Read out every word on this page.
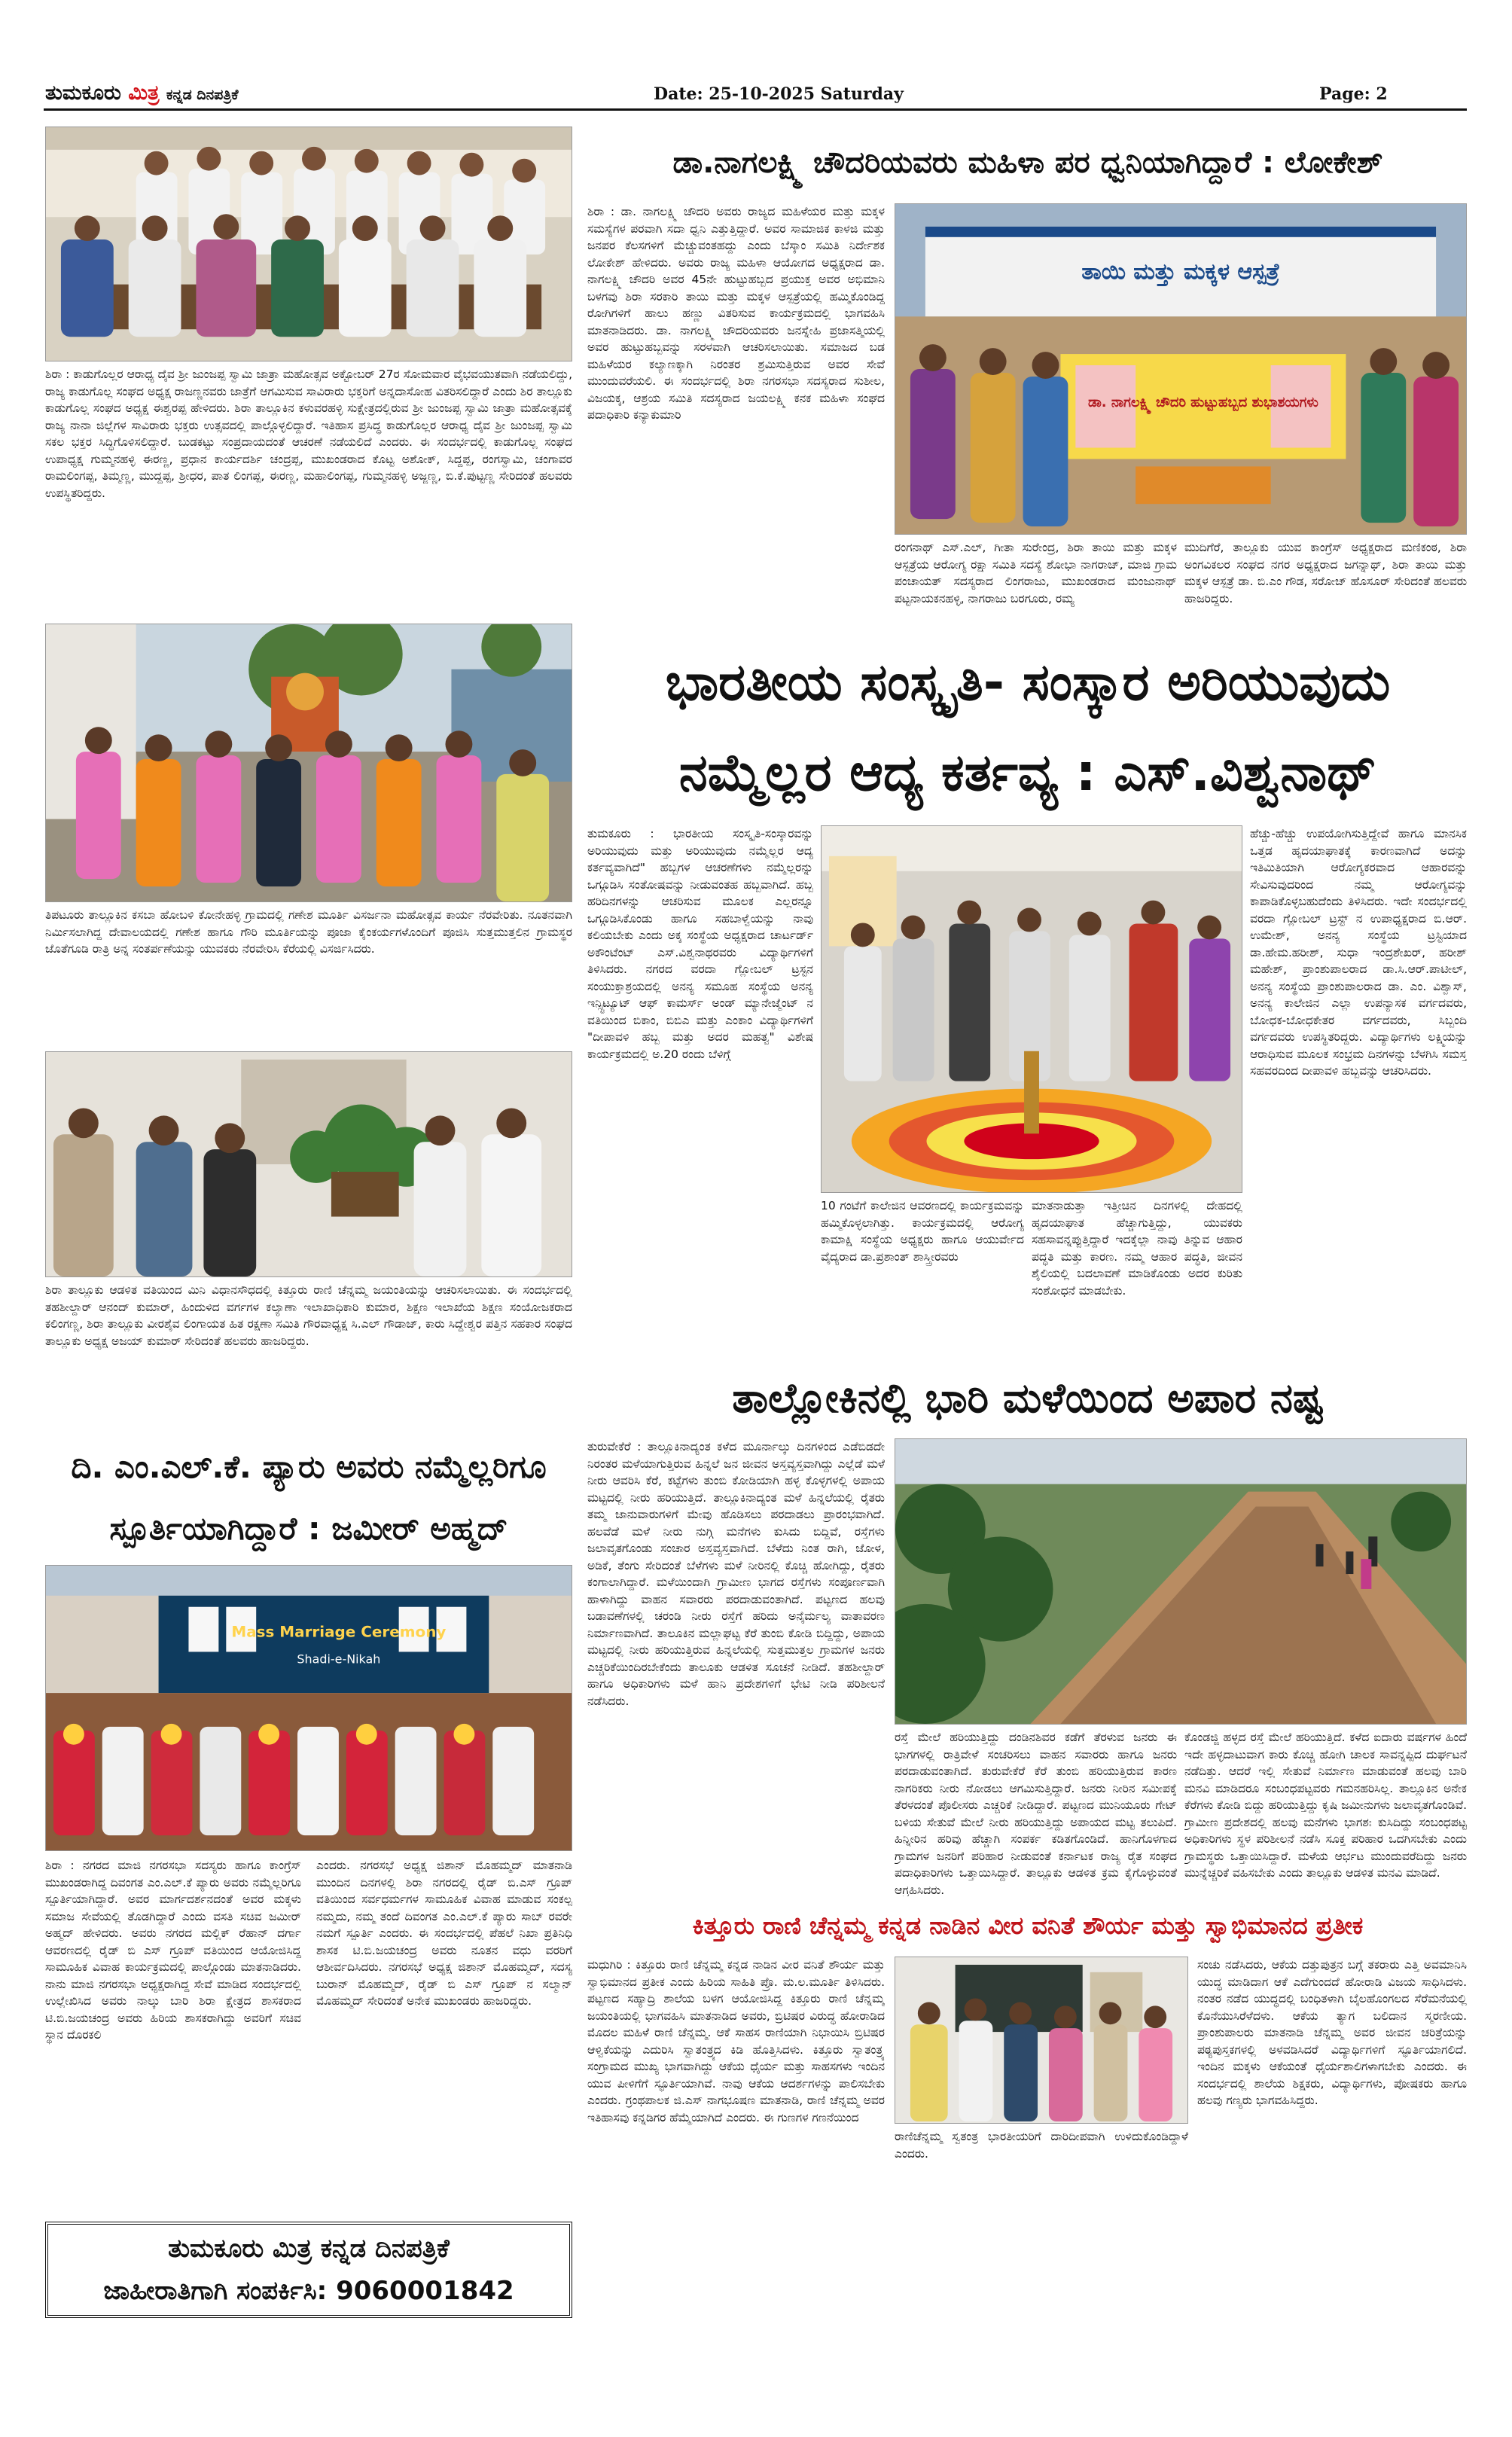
ತುಮಕೂರು ಮಿತ್ರ ಕನ್ನಡ ದಿನಪತ್ರಿಕೆ	Date: 25-10-2025 Saturday	Page: 2
ಶಿರಾ : ಕಾಡುಗೊಲ್ಲರ ಆರಾಧ್ಯ ದೈವ ಶ್ರೀ ಜುಂಜಪ್ಪ ಸ್ವಾಮಿ ಜಾತ್ರಾ ಮಹೋತ್ಸವ ಅಕ್ಟೋಬರ್ 27ರ ಸೋಮವಾರ ವೈಭವಯುತವಾಗಿ ನಡೆಯಲಿದ್ದು, ರಾಜ್ಯ ಕಾಡುಗೊಲ್ಲ ಸಂಘದ ಅಧ್ಯಕ್ಷ ರಾಜಣ್ಣನವರು ಜಾತ್ರೆಗೆ ಆಗಮಿಸುವ ಸಾವಿರಾರು ಭಕ್ತರಿಗೆ ಅನ್ನದಾಸೋಹ ವಿತರಿಸಲಿದ್ದಾರೆ ಎಂದು ಶಿರ ತಾಲ್ಲೂಕು ಕಾಡುಗೊಲ್ಲ ಸಂಘದ ಅಧ್ಯಕ್ಷ ಈಶ್ವರಪ್ಪ ಹೇಳಿದರು. ಶಿರಾ ತಾಲ್ಲೂಕಿನ ಕಳುವರಹಳ್ಳಿ ಸುಕ್ಷೇತ್ರದಲ್ಲಿರುವ ಶ್ರೀ ಜುಂಜಪ್ಪ ಸ್ವಾಮಿ ಜಾತ್ರಾ ಮಹೋತ್ಸವಕ್ಕೆ ರಾಜ್ಯ ನಾನಾ ಜಿಲ್ಲೆಗಳ ಸಾವಿರಾರು ಭಕ್ತರು ಉತ್ಸವದಲ್ಲಿ ಪಾಲ್ಗೊಳ್ಳಲಿದ್ದಾರೆ. ಇತಿಹಾಸ ಪ್ರಸಿದ್ಧ ಕಾಡುಗೊಲ್ಲರ ಆರಾಧ್ಯ ದೈವ ಶ್ರೀ ಜುಂಜಪ್ಪ ಸ್ವಾಮಿ ಸಕಲ ಭಕ್ತರ ಸಿದ್ಧಿಗೊಳಿಸಲಿದ್ದಾರೆ. ಬುಡಕಟ್ಟು ಸಂಪ್ರದಾಯದಂತೆ ಆಚರಣೆ ನಡೆಯಲಿದೆ ಎಂದರು. ಈ ಸಂದರ್ಭದಲ್ಲಿ ಕಾಡುಗೊಲ್ಲ ಸಂಘದ ಉಪಾಧ್ಯಕ್ಷ ಗುಮ್ಮನಹಳ್ಳಿ ಈರಣ್ಣ, ಪ್ರಧಾನ ಕಾರ್ಯದರ್ಶಿ ಚಂದ್ರಪ್ಪ, ಮುಖಂಡರಾದ ಕೊಟ್ಟ ಅಶೋಕ್, ಸಿದ್ದಪ್ಪ, ರಂಗಸ್ವಾಮಿ, ಚಂಗಾವರ ರಾಮಲಿಂಗಪ್ಪ, ತಿಮ್ಮಣ್ಣ, ಮುದ್ದಪ್ಪ, ಶ್ರೀಧರ, ಪಾತ ಲಿಂಗಪ್ಪ, ಈರಣ್ಣ, ಮಹಾಲಿಂಗಪ್ಪ, ಗುಮ್ಮನಹಳ್ಳಿ ಅಜ್ಜಣ್ಣ, ಬಿ.ಕೆ.ಪುಟ್ಟಣ್ಣ ಸೇರಿದಂತೆ ಹಲವರು ಉಪಸ್ಥಿತರಿದ್ದರು.
ತಿಪಟೂರು ತಾಲ್ಲೂಕಿನ ಕಸಬಾ ಹೋಬಳಿ ಕೋನೇಹಳ್ಳಿ ಗ್ರಾಮದಲ್ಲಿ ಗಣೇಶ ಮೂರ್ತಿ ವಿಸರ್ಜನಾ ಮಹೋತ್ಸವ ಕಾರ್ಯ ನೆರವೇರಿತು. ನೂತನವಾಗಿ ನಿರ್ಮಿಸಲಾಗಿದ್ದ ದೇವಾಲಯದಲ್ಲಿ ಗಣೇಶ ಹಾಗೂ ಗೌರಿ ಮೂರ್ತಿಯನ್ನು ಪೂಜಾ ಕೈಂಕರ್ಯಗಳೊಂದಿಗೆ ಪೂಜಿಸಿ ಸುತ್ತಮುತ್ತಲಿನ ಗ್ರಾಮಸ್ಥರ ಜೊತೆಗೂಡಿ ರಾತ್ರಿ ಅನ್ನ ಸಂತರ್ಪಣೆಯನ್ನು ಯುವಕರು ನೆರವೇರಿಸಿ ಕೆರೆಯಲ್ಲಿ ವಿಸರ್ಜಿಸಿದರು.
ಶಿರಾ ತಾಲ್ಲೂಕು ಆಡಳಿತ ವತಿಯಿಂದ ಮಿನಿ ವಿಧಾನಸೌಧದಲ್ಲಿ ಕಿತ್ತೂರು ರಾಣಿ ಚೆನ್ನಮ್ಮ ಜಯಂತಿಯನ್ನು ಆಚರಿಸಲಾಯಿತು. ಈ ಸಂದರ್ಭದಲ್ಲಿ ತಹಶೀಲ್ದಾರ್ ಆನಂದ್ ಕುಮಾರ್, ಹಿಂದುಳಿದ ವರ್ಗಗಳ ಕಲ್ಯಾಣಾ ಇಲಾಖಾಧಿಕಾರಿ ಕುಮಾರ, ಶಿಕ್ಷಣ ಇಲಾಖೆಯ ಶಿಕ್ಷಣ ಸಂಯೋಜಕರಾದ ಕಲಿಂಗಣ್ಣ, ಶಿರಾ ತಾಲ್ಲೂಕು ವೀರಶೈವ ಲಿಂಗಾಯತ ಹಿತ ರಕ್ಷಣಾ ಸಮಿತಿ ಗೌರವಾಧ್ಯಕ್ಷ ಸಿ.ಎಲ್ ಗೌಡಾಜ್, ಕಾರು ಸಿದ್ದೇಶ್ವರ ಪತ್ತಿನ ಸಹಕಾರ ಸಂಘದ ತಾಲ್ಲೂಕು ಅಧ್ಯಕ್ಷ ಅಜಯ್ ಕುಮಾರ್ ಸೇರಿದಂತೆ ಹಲವರು ಹಾಜರಿದ್ದರು.
ದಿ. ಎಂ.ಎಲ್.ಕೆ. ಪ್ಯಾರು ಅವರು ನಮ್ಮೆಲ್ಲರಿಗೂ
ಸ್ಪೂರ್ತಿಯಾಗಿದ್ದಾರೆ : ಜಮೀರ್ ಅಹ್ಮದ್
Mass Marriage Ceremony
Shadi-e-Nikah
ಶಿರಾ : ನಗರದ ಮಾಜಿ ನಗರಸಭಾ ಸದಸ್ಯರು ಹಾಗೂ ಕಾಂಗ್ರೆಸ್ ಮುಖಂಡರಾಗಿದ್ದ ದಿವಂಗತ ಎಂ.ಎಲ್.ಕೆ ಪ್ಯಾರು ಅವರು ನಮ್ಮೆಲ್ಲರಿಗೂ ಸ್ಪೂರ್ತಿಯಾಗಿದ್ದಾರೆ. ಅವರ ಮಾರ್ಗದರ್ಶನದಂತೆ ಅವರ ಮಕ್ಕಳು ಸಮಾಜ ಸೇವೆಯಲ್ಲಿ ತೊಡಗಿದ್ದಾರೆ ಎಂದು ವಸತಿ ಸಚಿವ ಜಮೀರ್ ಅಹ್ಮದ್ ಹೇಳಿದರು. ಅವರು ನಗರದ ಮಲ್ಲಿಕ್ ರೆಹಾನ್ ದರ್ಗಾ ಆವರಣದಲ್ಲಿ ರೈಡ್ ಬಿ ಎಸ್ ಗ್ರೂಪ್ ವತಿಯಿಂದ ಆಯೋಜಿಸಿದ್ದ ಸಾಮೂಹಿಕ ವಿವಾಹ ಕಾರ್ಯಕ್ರಮದಲ್ಲಿ ಪಾಲ್ಗೊಂಡು ಮಾತನಾಡಿದರು. ನಾನು ಮಾಜಿ ನಗರಸಭಾ ಅಧ್ಯಕ್ಷರಾಗಿದ್ದ ಸೇವೆ ಮಾಡಿದ ಸಂದರ್ಭದಲ್ಲಿ ಉಲ್ಲೇಖಿಸಿದ ಅವರು ನಾಲ್ಕು ಬಾರಿ ಶಿರಾ ಕ್ಷೇತ್ರದ ಶಾಸಕರಾದ ಟಿ.ಬಿ.ಜಯಚಂದ್ರ ಅವರು ಹಿರಿಯ ಶಾಸಕರಾಗಿದ್ದು ಅವರಿಗೆ ಸಚಿವ ಸ್ಥಾನ ದೊರಕಲಿ
ಎಂದರು. ನಗರಸಭೆ ಅಧ್ಯಕ್ಷ ಜಿಶಾನ್ ಮೊಹಮ್ಮದ್ ಮಾತನಾಡಿ ಮುಂದಿನ ದಿನಗಳಲ್ಲಿ ಶಿರಾ ನಗರದಲ್ಲಿ ರೈಡ್ ಬಿ.ಎಸ್ ಗ್ರೂಪ್ ವತಿಯಿಂದ ಸರ್ವಧರ್ಮಗಳ ಸಾಮೂಹಿಕ ವಿವಾಹ ಮಾಡುವ ಸಂಕಲ್ಪ ನಮ್ಮದು, ನಮ್ಮ ತಂದೆ ದಿವಂಗತ ಎಂ.ಎಲ್.ಕೆ ಪ್ಯಾರು ಸಾಬ್ ರವರೇ ನಮಗೆ ಸ್ಪೂರ್ತಿ ಎಂದರು. ಈ ಸಂದರ್ಭದಲ್ಲಿ ಪೆಹಲೆ ನಿಖಾ ಪ್ರತಿನಿಧಿ ಶಾಸಕ ಟಿ.ಬಿ.ಜಯಚಂದ್ರ ಅವರು ನೂತನ ವಧು ವರರಿಗೆ ಆಶೀರ್ವದಿಸಿದರು. ನಗರಸಭೆ ಅಧ್ಯಕ್ಷ ಜಿಶಾನ್ ಮೊಹಮ್ಮದ್, ಸದಸ್ಯ ಬುರಾನ್ ಮೊಹಮ್ಮದ್, ರೈಡ್ ಬಿ ಎಸ್ ಗ್ರೂಪ್ ನ ಸಲ್ಮಾನ್ ಮೊಹಮ್ಮದ್ ಸೇರಿದಂತೆ ಅನೇಕ ಮುಖಂಡರು ಹಾಜರಿದ್ದರು.
ತುಮಕೂರು ಮಿತ್ರ ಕನ್ನಡ ದಿನಪತ್ರಿಕೆ
ಜಾಹೀರಾತಿಗಾಗಿ ಸಂಪರ್ಕಿಸಿ: 9060001842
ಡಾ.ನಾಗಲಕ್ಷ್ಮಿ ಚೌದರಿಯವರು ಮಹಿಳಾ ಪರ ಧ್ವನಿಯಾಗಿದ್ದಾರೆ : ಲೋಕೇಶ್
ಶಿರಾ : ಡಾ. ನಾಗಲಕ್ಷ್ಮಿ ಚೌದರಿ ಅವರು ರಾಜ್ಯದ ಮಹಿಳೆಯರ ಮತ್ತು ಮಕ್ಕಳ ಸಮಸ್ಯೆಗಳ ಪರವಾಗಿ ಸದಾ ಧ್ವನಿ ಎತ್ತುತ್ತಿದ್ದಾರೆ. ಅವರ ಸಾಮಾಜಿಕ ಕಾಳಜಿ ಮತ್ತು ಜನಪರ ಕೆಲಸಗಳಿಗೆ ಮೆಚ್ಚುವಂತಹದ್ದು ಎಂದು ಬೆಸ್ಕಾಂ ಸಮಿತಿ ನಿರ್ದೇಶಕ ಲೋಕೇಶ್ ಹೇಳಿದರು. ಅವರು ರಾಜ್ಯ ಮಹಿಳಾ ಆಯೋಗದ ಅಧ್ಯಕ್ಷರಾದ ಡಾ. ನಾಗಲಕ್ಷ್ಮಿ ಚೌದರಿ ಅವರ 45ನೇ ಹುಟ್ಟುಹಬ್ಬದ ಪ್ರಯುಕ್ತ ಅವರ ಅಭಿಮಾನಿ ಬಳಗವು ಶಿರಾ ಸರಕಾರಿ ತಾಯಿ ಮತ್ತು ಮಕ್ಕಳ ಆಸ್ಪತ್ರೆಯಲ್ಲಿ ಹಮ್ಮಿಕೊಂಡಿದ್ದ ರೋಗಿಗಳಿಗೆ ಹಾಲು ಹಣ್ಣು ವಿತರಿಸುವ ಕಾರ್ಯಕ್ರಮದಲ್ಲಿ ಭಾಗವಹಿಸಿ ಮಾತನಾಡಿದರು. ಡಾ. ನಾಗಲಕ್ಷ್ಮಿ ಚೌದರಿಯವರು ಜನಸ್ನೇಹಿ ಪ್ರಜಾಸತ್ಮಿಯಲ್ಲಿ ಅವರ ಹುಟ್ಟುಹಬ್ಬವನ್ನು ಸರಳವಾಗಿ ಆಚರಿಸಲಾಯಿತು. ಸಮಾಜದ ಬಡ ಮಹಿಳೆಯರ ಕಲ್ಯಾಣಕ್ಕಾಗಿ ನಿರಂತರ ಶ್ರಮಿಸುತ್ತಿರುವ ಅವರ ಸೇವೆ ಮುಂದುವರೆಯಲಿ. ಈ ಸಂದರ್ಭದಲ್ಲಿ ಶಿರಾ ನಗರಸಭಾ ಸದಸ್ಯರಾದ ಸುಶೀಲ, ವಿಜಯಕ್ಕ, ಆಶ್ರಯ ಸಮಿತಿ ಸದಸ್ಯರಾದ ಜಯಲಕ್ಷ್ಮಿ ಕನಕ ಮಹಿಳಾ ಸಂಘದ ಪದಾಧಿಕಾರಿ ಕನ್ಯಾಕುಮಾರಿ
ತಾಯಿ ಮತ್ತು ಮಕ್ಕಳ ಆಸ್ಪತ್ರೆ
ಡಾ. ನಾಗಲಕ್ಷ್ಮಿ ಚೌದರಿ ಹುಟ್ಟುಹಬ್ಬದ ಶುಭಾಶಯಗಳು
ರಂಗನಾಥ್ ಎಸ್.ಎಲ್, ಗೀತಾ ಸುರೇಂದ್ರ, ಶಿರಾ ತಾಯಿ ಮತ್ತು ಮಕ್ಕಳ ಆಸ್ಪತ್ರೆಯ ಆರೋಗ್ಯ ರಕ್ಷಾ ಸಮಿತಿ ಸದಸ್ಯೆ ಶೋಭಾ ನಾಗರಾಜ್, ಮಾಜಿ ಗ್ರಾಮ ಪಂಚಾಯತ್ ಸದಸ್ಯರಾದ ಲಿಂಗರಾಜು, ಮುಖಂಡರಾದ ಮಂಜುನಾಥ್ ಪಟ್ಟನಾಯಕನಹಳ್ಳಿ, ನಾಗರಾಜು ಬರಗೂರು, ರಮ್ಯ
ಮುದಿಗೆರೆ, ತಾಲ್ಲೂಕು ಯುವ ಕಾಂಗ್ರೆಸ್ ಅಧ್ಯಕ್ಷರಾದ ಮಣಿಕಂಠ, ಶಿರಾ ಅಂಗವಿಕಲರ ಸಂಘದ ನಗರ ಅಧ್ಯಕ್ಷರಾದ ಜಗನ್ನಾಥ್, ಶಿರಾ ತಾಯಿ ಮತ್ತು ಮಕ್ಕಳ ಆಸ್ಪತ್ರೆ ಡಾ. ಬಿ.ಎಂ ಗೌಡ, ಸರೋಜ್ ಹೊಸೂರ್ ಸೇರಿದಂತೆ ಹಲವರು ಹಾಜರಿದ್ದರು.
ಭಾರತೀಯ ಸಂಸ್ಕೃತಿ- ಸಂಸ್ಕಾರ ಅರಿಯುವುದು
ನಮ್ಮೆಲ್ಲರ ಆದ್ಯ ಕರ್ತವ್ಯ : ಎಸ್.ವಿಶ್ವನಾಥ್
ತುಮಕೂರು : ಭಾರತೀಯ ಸಂಸ್ಕೃತಿ-ಸಂಸ್ಕಾರವನ್ನು ಅರಿಯುವುದು ಮತ್ತು ಅರಿಯುವುದು ನಮ್ಮೆಲ್ಲರ ಆದ್ಯ ಕರ್ತವ್ಯವಾಗಿದೆ" ಹಬ್ಬಗಳ ಆಚರಣೆಗಳು ನಮ್ಮೆಲ್ಲರನ್ನು ಒಗ್ಗೂಡಿಸಿ ಸಂತೋಷವನ್ನು ನೀಡುವಂತಹ ಹಬ್ಬವಾಗಿದೆ. ಹಬ್ಬ ಹರಿದಿನಗಳನ್ನು ಆಚರಿಸುವ ಮೂಲಕ ಎಲ್ಲರನ್ನೂ ಒಗ್ಗೂಡಿಸಿಕೊಂಡು ಹಾಗೂ ಸಹಬಾಳ್ವೆಯನ್ನು ನಾವು ಕಲಿಯಬೇಕು ಎಂದು ಅಕ್ಕ ಸಂಸ್ಥೆಯ ಅಧ್ಯಕ್ಷರಾದ ಚಾರ್ಟರ್ಡ್ ಅಕೌಂಟೆಂಟ್ ಎಸ್.ವಿಶ್ವನಾಥರವರು ವಿದ್ಯಾರ್ಥಿಗಳಿಗೆ ತಿಳಿಸಿದರು. ನಗರದ ವರದಾ ಗ್ಲೋಬಲ್ ಟ್ರಸ್ಟನ ಸಂಯುಕ್ತಾಶ್ರಯದಲ್ಲಿ ಅನನ್ಯ ಸಮೂಹ ಸಂಸ್ಥೆಯ ಅನನ್ಯ ಇನ್ಸ್ಟಿಟ್ಯೂಟ್ ಆಫ್ ಕಾಮರ್ಸ್ ಅಂಡ್ ಮ್ಯಾನೇಜ್ಮೆಂಟ್ ನ ವತಿಯಿಂದ ಬಿಕಾಂ, ಬಿಬಿಎ ಮತ್ತು ಎಂಕಾಂ ವಿದ್ಯಾರ್ಥಿಗಳಿಗೆ "ದೀಪಾವಳಿ ಹಬ್ಬ ಮತ್ತು ಅದರ ಮಹತ್ವ" ವಿಶೇಷ ಕಾರ್ಯಕ್ರಮದಲ್ಲಿ ಅ.20 ರಂದು ಬೆಳಿಗ್ಗೆ
ಹೆಚ್ಚು-ಹೆಚ್ಚು ಉಪಯೋಗಿಸುತ್ತಿದ್ದೇವೆ ಹಾಗೂ ಮಾನಸಿಕ ಒತ್ತಡ ಹೃದಯಾಘಾತಕ್ಕೆ ಕಾರಣವಾಗಿದೆ ಅದನ್ನು ಇತಿಮಿತಿಯಾಗಿ ಆರೋಗ್ಯಕರವಾದ ಆಹಾರವನ್ನು ಸೇವಿಸುವುದರಿಂದ ನಮ್ಮ ಆರೋಗ್ಯವನ್ನು ಕಾಪಾಡಿಕೊಳ್ಳಬಹುದೆಂದು ತಿಳಿಸಿದರು. ಇದೇ ಸಂದರ್ಭದಲ್ಲಿ ವರದಾ ಗ್ಲೋಬಲ್ ಟ್ರಸ್ಟ್ ನ ಉಪಾಧ್ಯಕ್ಷರಾದ ಬಿ.ಆರ್. ಉಮೇಶ್, ಅನನ್ಯ ಸಂಸ್ಥೆಯ ಟ್ರಸ್ಟಿಯಾದ ಡಾ.ಹೇಮ.ಹರೀಶ್, ಸುಧಾ ಇಂದ್ರಶೇಖರ್, ಹರೀಶ್ ಮಹೇಶ್, ಪ್ರಾಂಶುಪಾಲರಾದ ಡಾ.ಸಿ.ಆರ್.ಪಾಟೀಲ್, ಅನನ್ಯ ಸಂಸ್ಥೆಯ ಪ್ರಾಂಶುಪಾಲರಾದ ಡಾ. ಎಂ. ವಿಶ್ವಾಸ್, ಅನನ್ಯ ಕಾಲೇಜಿನ ಎಲ್ಲಾ ಉಪನ್ಯಾಸಕ ವರ್ಗದವರು, ಬೋಧಕ-ಬೋಧಕೇತರ ವರ್ಗದವರು, ಸಿಬ್ಬಂದಿ ವರ್ಗದವರು ಉಪಸ್ಥಿತರಿದ್ದರು. ವಿದ್ಯಾರ್ಥಿಗಳು ಲಕ್ಷ್ಮಿಯನ್ನು ಆರಾಧಿಸುವ ಮೂಲಕ ಸಂಭ್ರಮ ದಿನಗಳನ್ನು ಬೆಳಗಿಸಿ ಸಮಸ್ತ ಸಹವರದಿಂದ ದೀಪಾವಳಿ ಹಬ್ಬವನ್ನು ಆಚರಿಸಿದರು.
10 ಗಂಟೆಗೆ ಕಾಲೇಜಿನ ಆವರಣದಲ್ಲಿ ಕಾರ್ಯಕ್ರಮವನ್ನು ಹಮ್ಮಿಕೊಳ್ಳಲಾಗಿತ್ತು. ಕಾರ್ಯಕ್ರಮದಲ್ಲಿ ಆರೋಗ್ಯ ಕಾಮಾಕ್ಷಿ ಸಂಸ್ಥೆಯ ಅಧ್ಯಕ್ಷರು ಹಾಗೂ ಆಯುರ್ವೇದ ವೈದ್ಯರಾದ ಡಾ.ಪ್ರಶಾಂತ್ ಶಾಸ್ತ್ರೀರವರು
ಮಾತನಾಡುತ್ತಾ ಇತ್ತೀಚಿನ ದಿನಗಳಲ್ಲಿ ದೇಹದಲ್ಲಿ ಹೃದಯಾಘಾತ ಹೆಚ್ಚಾಗುತ್ತಿದ್ದು, ಯುವಕರು ಸಹಸಾವನ್ನಪ್ಪುತ್ತಿದ್ದಾರೆ ಇದಕ್ಕೆಲ್ಲಾ ನಾವು ತಿನ್ನುವ ಆಹಾರ ಪದ್ಧತಿ ಮತ್ತು ಕಾರಣ. ನಮ್ಮ ಆಹಾರ ಪದ್ಧತಿ, ಜೀವನ ಶೈಲಿಯಲ್ಲಿ ಬದಲಾವಣೆ ಮಾಡಿಕೊಂಡು ಅದರ ಕುರಿತು ಸಂಶೋಧನೆ ಮಾಡಬೇಕು.
ತಾಲ್ಲೋಕಿನಲ್ಲಿ ಭಾರಿ ಮಳೆಯಿಂದ ಅಪಾರ ನಷ್ಟ
ತುರುವೇಕೆರೆ : ತಾಲ್ಲೂಕಿನಾದ್ಯಂತ ಕಳೆದ ಮೂರ್ನಾಲ್ಕು ದಿನಗಳಿಂದ ಎಡೆಬಿಡದೇ ನಿರಂತರ ಮಳೆಯಾಗುತ್ತಿರುವ ಹಿನ್ನಲೆ ಜನ ಜೀವನ ಅಸ್ತವ್ಯಸ್ತವಾಗಿದ್ದು ಎಲ್ಲೆಡೆ ಮಳೆ ನೀರು ಆವರಿಸಿ ಕೆರೆ, ಕಟ್ಟೆಗಳು ತುಂಬಿ ಕೋಡಿಯಾಗಿ ಹಳ್ಳ ಕೊಳ್ಳಗಳಲ್ಲಿ ಅಪಾಯ ಮಟ್ಟದಲ್ಲಿ ನೀರು ಹರಿಯುತ್ತಿದೆ. ತಾಲ್ಲೂಕಿನಾದ್ಯಂತ ಮಳೆ ಹಿನ್ನಲೆಯಲ್ಲಿ ರೈತರು ತಮ್ಮ ಜಾನುವಾರುಗಳಿಗೆ ಮೇವು ಹೊಡಿಸಲು ಪರದಾಡಲು ಪ್ರಾರಂಭವಾಗಿದೆ. ಹಲವೆಡೆ ಮಳೆ ನೀರು ನುಗ್ಗಿ ಮನೆಗಳು ಕುಸಿದು ಬಿದ್ದಿವೆ, ರಸ್ತೆಗಳು ಜಲಾವೃತಗೊಂಡು ಸಂಚಾರ ಅಸ್ತವ್ಯಸ್ತವಾಗಿದೆ. ಬೆಳೆದು ನಿಂತ ರಾಗಿ, ಜೋಳ, ಅಡಿಕೆ, ತೆಂಗು ಸೇರಿದಂತೆ ಬೆಳೆಗಳು ಮಳೆ ನೀರಿನಲ್ಲಿ ಕೊಚ್ಚಿ ಹೋಗಿದ್ದು, ರೈತರು ಕಂಗಾಲಾಗಿದ್ದಾರೆ. ಮಳೆಯಿಂದಾಗಿ ಗ್ರಾಮೀಣ ಭಾಗದ ರಸ್ತೆಗಳು ಸಂಪೂರ್ಣವಾಗಿ ಹಾಳಾಗಿದ್ದು ವಾಹನ ಸವಾರರು ಪರದಾಡುವಂತಾಗಿದೆ. ಪಟ್ಟಣದ ಹಲವು ಬಡಾವಣೆಗಳಲ್ಲಿ ಚರಂಡಿ ನೀರು ರಸ್ತೆಗೆ ಹರಿದು ಅನೈರ್ಮಲ್ಯ ವಾತಾವರಣ ನಿರ್ಮಾಣವಾಗಿದೆ. ತಾಲೂಕಿನ ಮಲ್ಲಾಘಟ್ಟ ಕೆರೆ ತುಂಬಿ ಕೋಡಿ ಬಿದ್ದಿದ್ದು, ಅಪಾಯ ಮಟ್ಟದಲ್ಲಿ ನೀರು ಹರಿಯುತ್ತಿರುವ ಹಿನ್ನಲೆಯಲ್ಲಿ ಸುತ್ತಮುತ್ತಲ ಗ್ರಾಮಗಳ ಜನರು ಎಚ್ಚರಿಕೆಯಿಂದಿರಬೇಕೆಂದು ತಾಲೂಕು ಆಡಳಿತ ಸೂಚನೆ ನೀಡಿದೆ. ತಹಶೀಲ್ದಾರ್ ಹಾಗೂ ಅಧಿಕಾರಿಗಳು ಮಳೆ ಹಾನಿ ಪ್ರದೇಶಗಳಿಗೆ ಭೇಟಿ ನೀಡಿ ಪರಿಶೀಲನೆ ನಡೆಸಿದರು.
ರಸ್ತೆ ಮೇಲೆ ಹರಿಯುತ್ತಿದ್ದು ದಂಡಿನಶಿವರ ಕಡೆಗೆ ತೆರಳುವ ಜನರು ಈ ಭಾಗಗಳಲ್ಲಿ ರಾತ್ರಿವೇಳೆ ಸಂಚರಿಸಲು ವಾಹನ ಸವಾರರು ಹಾಗೂ ಜನರು ಪರದಾಡುವಂತಾಗಿದೆ. ತುರುವೇಕೆರೆ ಕೆರೆ ತುಂಬಿ ಹರಿಯುತ್ತಿರುವ ಕಾರಣ ನಾಗರಿಕರು ನೀರು ನೋಡಲು ಆಗಮಿಸುತ್ತಿದ್ದಾರೆ. ಜನರು ನೀರಿನ ಸಮೀಪಕ್ಕೆ ತೆರಳದಂತೆ ಪೊಲೀಸರು ಎಚ್ಚರಿಕೆ ನೀಡಿದ್ದಾರೆ. ಪಟ್ಟಣದ ಮುನಿಯೂರು ಗೇಟ್ ಬಳಿಯ ಸೇತುವೆ ಮೇಲೆ ನೀರು ಹರಿಯುತ್ತಿದ್ದು ಅಪಾಯದ ಮಟ್ಟ ತಲುಪಿದೆ. ಹಿನ್ನೀರಿನ ಹರಿವು ಹೆಚ್ಚಾಗಿ ಸಂಪರ್ಕ ಕಡಿತಗೊಂಡಿದೆ. ಹಾನಿಗೊಳಗಾದ ಗ್ರಾಮಗಳ ಜನರಿಗೆ ಪರಿಹಾರ ನೀಡುವಂತೆ ಕರ್ನಾಟಕ ರಾಜ್ಯ ರೈತ ಸಂಘದ ಪದಾಧಿಕಾರಿಗಳು ಒತ್ತಾಯಿಸಿದ್ದಾರೆ. ತಾಲ್ಲೂಕು ಆಡಳಿತ ಕ್ರಮ ಕೈಗೊಳ್ಳುವಂತೆ ಆಗ್ರಹಿಸಿದರು.
ಕೊಂಡಜ್ಜಿ ಹಳ್ಳದ ರಸ್ತೆ ಮೇಲೆ ಹರಿಯುತ್ತಿದೆ. ಕಳೆದ ಐದಾರು ವರ್ಷಗಳ ಹಿಂದೆ ಇದೇ ಹಳ್ಳದಾಟುವಾಗ ಕಾರು ಕೊಚ್ಚಿ ಹೋಗಿ ಚಾಲಕ ಸಾವನ್ನಪ್ಪಿದ ದುರ್ಘಟನೆ ನಡೆದಿತ್ತು. ಆದರೆ ಇಲ್ಲಿ ಸೇತುವೆ ನಿರ್ಮಾಣ ಮಾಡುವಂತೆ ಹಲವು ಬಾರಿ ಮನವಿ ಮಾಡಿದರೂ ಸಂಬಂಧಪಟ್ಟವರು ಗಮನಹರಿಸಿಲ್ಲ. ತಾಲ್ಲೂಕಿನ ಅನೇಕ ಕೆರೆಗಳು ಕೋಡಿ ಬಿದ್ದು ಹರಿಯುತ್ತಿದ್ದು ಕೃಷಿ ಜಮೀನುಗಳು ಜಲಾವೃತಗೊಂಡಿವೆ. ಗ್ರಾಮೀಣ ಪ್ರದೇಶದಲ್ಲಿ ಹಲವು ಮನೆಗಳು ಭಾಗಶಃ ಕುಸಿದಿದ್ದು ಸಂಬಂಧಪಟ್ಟ ಅಧಿಕಾರಿಗಳು ಸ್ಥಳ ಪರಿಶೀಲನೆ ನಡೆಸಿ ಸೂಕ್ತ ಪರಿಹಾರ ಒದಗಿಸಬೇಕು ಎಂದು ಗ್ರಾಮಸ್ಥರು ಒತ್ತಾಯಿಸಿದ್ದಾರೆ. ಮಳೆಯ ಆರ್ಭಟ ಮುಂದುವರೆದಿದ್ದು ಜನರು ಮುನ್ನೆಚ್ಚರಿಕೆ ವಹಿಸಬೇಕು ಎಂದು ತಾಲ್ಲೂಕು ಆಡಳಿತ ಮನವಿ ಮಾಡಿದೆ.
ಕಿತ್ತೂರು ರಾಣಿ ಚೆನ್ನಮ್ಮ ಕನ್ನಡ ನಾಡಿನ ವೀರ ವನಿತೆ ಶೌರ್ಯ ಮತ್ತು ಸ್ವಾಭಿಮಾನದ ಪ್ರತೀಕ
ಮಧುಗಿರಿ : ಕಿತ್ತೂರು ರಾಣಿ ಚೆನ್ನಮ್ಮ ಕನ್ನಡ ನಾಡಿನ ವೀರ ವನಿತೆ ಶೌರ್ಯ ಮತ್ತು ಸ್ವಾಭಿಮಾನದ ಪ್ರತೀಕ ಎಂದು ಹಿರಿಯ ಸಾಹಿತಿ ಪ್ರೊ. ಮ.ಲ.ಮೂರ್ತಿ ತಿಳಿಸಿದರು. ಪಟ್ಟಣದ ಸಹ್ಯಾದ್ರಿ ಶಾಲೆಯ ಬಳಗ ಆಯೋಜಿಸಿದ್ದ ಕಿತ್ತೂರು ರಾಣಿ ಚೆನ್ನಮ್ಮ ಜಯಂತಿಯಲ್ಲಿ ಭಾಗವಹಿಸಿ ಮಾತನಾಡಿದ ಅವರು, ಬ್ರಿಟಿಷರ ವಿರುದ್ಧ ಹೋರಾಡಿದ ಮೊದಲ ಮಹಿಳೆ ರಾಣಿ ಚೆನ್ನಮ್ಮ. ಆಕೆ ಸಾಹಸ ರಾಣಿಯಾಗಿ ನಿಭಾಯಿಸಿ ಬ್ರಿಟಿಷರ ಆಳ್ವಿಕೆಯನ್ನು ಎದುರಿಸಿ ಸ್ವಾತಂತ್ರ್ಯದ ಕಿಡಿ ಹೊತ್ತಿಸಿದಳು. ಕಿತ್ತೂರು ಸ್ವಾತಂತ್ರ್ಯ ಸಂಗ್ರಾಮದ ಮುಖ್ಯ ಭಾಗವಾಗಿದ್ದು ಆಕೆಯ ಧೈರ್ಯ ಮತ್ತು ಸಾಹಸಗಳು ಇಂದಿನ ಯುವ ಪೀಳಿಗೆಗೆ ಸ್ಫೂರ್ತಿಯಾಗಿವೆ. ನಾವು ಆಕೆಯ ಆದರ್ಶಗಳನ್ನು ಪಾಲಿಸಬೇಕು ಎಂದರು. ಗ್ರಂಥಪಾಲಕ ಜಿ.ಎಸ್ ನಾಗಭೂಷಣ ಮಾತನಾಡಿ, ರಾಣಿ ಚೆನ್ನಮ್ಮ ಅವರ ಇತಿಹಾಸವು ಕನ್ನಡಿಗರ ಹೆಮ್ಮೆಯಾಗಿದೆ ಎಂದರು. ಈ ಗುಣಗಳ ಗಣನೆಯಿಂದ
ರಾಣಿಚೆನ್ನಮ್ಮ ಸ್ವತಂತ್ರ ಭಾರತೀಯರಿಗೆ ದಾರಿದೀಪವಾಗಿ ಉಳಿದುಕೊಂಡಿದ್ದಾಳೆ ಎಂದರು.
ಸಂಚು ನಡೆಸಿದರು, ಆಕೆಯ ದತ್ತುಪುತ್ರನ ಬಗ್ಗೆ ತಕರಾರು ಎತ್ತಿ ಅವಮಾನಿಸಿ ಯುದ್ಧ ಮಾಡಿದಾಗ ಆಕೆ ಎದೆಗುಂದದೆ ಹೋರಾಡಿ ವಿಜಯ ಸಾಧಿಸಿದಳು. ನಂತರ ನಡೆದ ಯುದ್ಧದಲ್ಲಿ ಬಂಧಿತಳಾಗಿ ಬೈಲಹೊಂಗಲದ ಸೆರೆಮನೆಯಲ್ಲಿ ಕೊನೆಯುಸಿರೆಳೆದಳು. ಆಕೆಯ ತ್ಯಾಗ ಬಲಿದಾನ ಸ್ಮರಣೀಯ. ಪ್ರಾಂಶುಪಾಲರು ಮಾತನಾಡಿ ಚೆನ್ನಮ್ಮ ಅವರ ಜೀವನ ಚರಿತ್ರೆಯನ್ನು ಪಠ್ಯಪುಸ್ತಕಗಳಲ್ಲಿ ಅಳವಡಿಸಿದರೆ ವಿದ್ಯಾರ್ಥಿಗಳಿಗೆ ಸ್ಫೂರ್ತಿಯಾಗಲಿದೆ. ಇಂದಿನ ಮಕ್ಕಳು ಆಕೆಯಂತೆ ಧೈರ್ಯಶಾಲಿಗಳಾಗಬೇಕು ಎಂದರು. ಈ ಸಂದರ್ಭದಲ್ಲಿ ಶಾಲೆಯ ಶಿಕ್ಷಕರು, ವಿದ್ಯಾರ್ಥಿಗಳು, ಪೋಷಕರು ಹಾಗೂ ಹಲವು ಗಣ್ಯರು ಭಾಗವಹಿಸಿದ್ದರು.
